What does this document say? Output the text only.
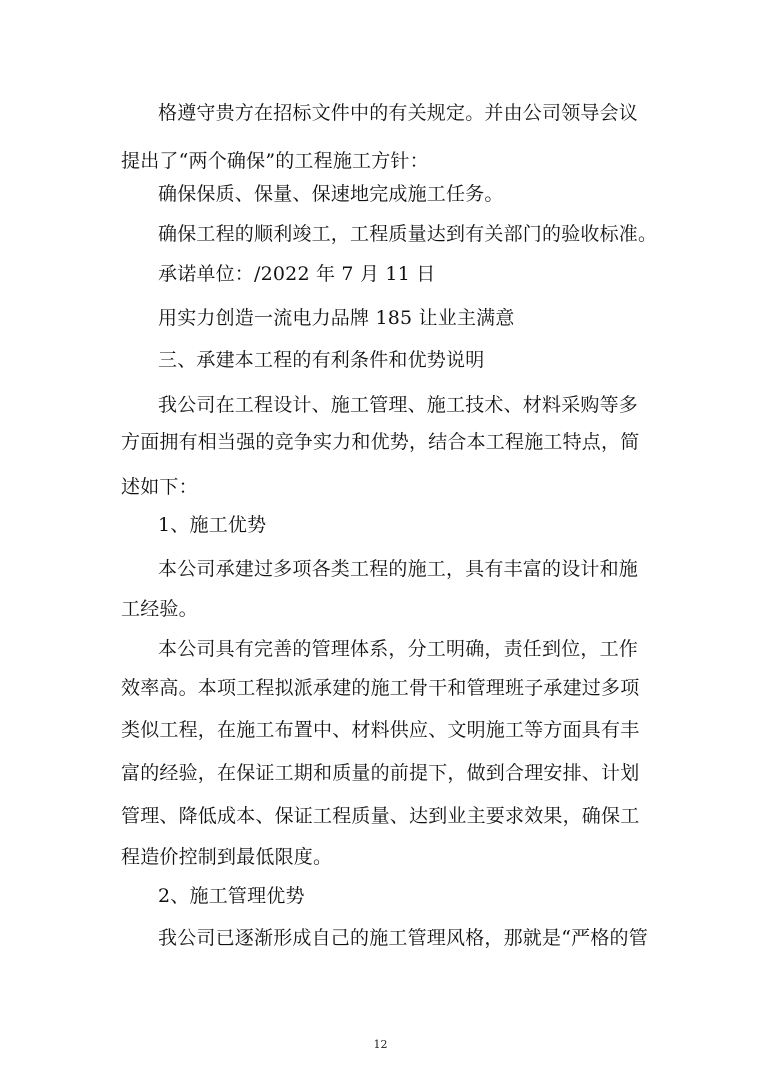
格遵守贵方在招标文件中的有关规定。并由公司领导会议
提出了“两个确保”的工程施工方针：
确保保质、保量、保速地完成施工任务。
确保工程的顺利竣工，工程质量达到有关部门的验收标准。
承诺单位：/2022 年 7 月 11 日
用实力创造一流电力品牌 185 让业主满意
三、承建本工程的有利条件和优势说明
我公司在工程设计、施工管理、施工技术、材料采购等多
方面拥有相当强的竞争实力和优势，结合本工程施工特点，简
述如下：
1、施工优势
本公司承建过多项各类工程的施工，具有丰富的设计和施
工经验。
本公司具有完善的管理体系，分工明确，责任到位，工作
效率高。本项工程拟派承建的施工骨干和管理班子承建过多项
类似工程，在施工布置中、材料供应、文明施工等方面具有丰
富的经验，在保证工期和质量的前提下，做到合理安排、计划
管理、降低成本、保证工程质量、达到业主要求效果，确保工
程造价控制到最低限度。
2、施工管理优势
我公司已逐渐形成自己的施工管理风格，那就是“严格的管
12
